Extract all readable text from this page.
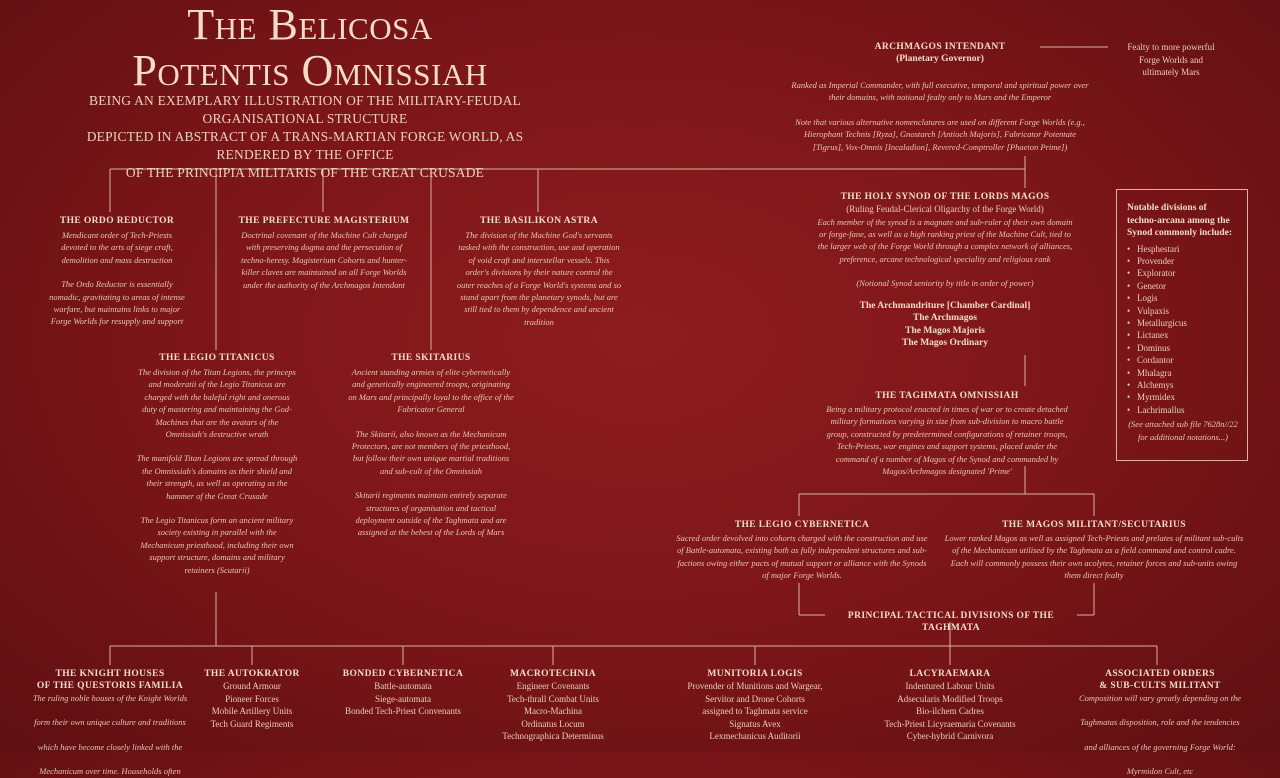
The Belicosa
Potentis Omnissiah
BEING AN EXEMPLARY ILLUSTRATION OF THE MILITARY-FEUDAL ORGANISATIONAL STRUCTURE
DEPICTED IN ABSTRACT OF A TRANS-MARTIAN FORGE WORLD, AS RENDERED BY THE OFFICE
OF THE PRINCIPIA MILITARIS OF THE GREAT CRUSADE
ARCHMAGOS INTENDANT
(Planetary Governor)

Ranked as Imperial Commander, with full executive, temporal and spiritual power over their domains, with notional fealty only to Mars and the Emperor

Note that various alternative nomenclatures are used on different Forge Worlds (e.g., Hierophant Technis [Ryza], Gnostarch [Antioch Majoris], Fabricator Potentate [Tigrus], Vox-Omnis [Incaladion], Revered-Comptroller [Phaeton Prime])

Fealty to more powerful
Forge Worlds and
ultimately Mars
THE ORDO REDUCTOR

Mendicant order of Tech-Priests devoted to the arts of siege craft, demolition and mass destruction

The Ordo Reductor is essentially nomadic, gravitating to areas of intense warfare, but maintains links to major Forge Worlds for resupply and support

THE PREFECTURE MAGISTERIUM

Doctrinal covenant of the Machine Cult charged with preserving dogma and the persecution of techno-heresy. Magisterium Cohorts and hunter-killer claves are maintained on all Forge Worlds under the authority of the Archmagos Intendant

THE BASILIKON ASTRA

The division of the Machine God's servants tasked with the construction, use and operation of void craft and interstellar vessels. This order's divisions by their nature control the outer reaches of a Forge World's systems and so stand apart from the planetary synods, but are still tied to them by dependence and ancient tradition

THE LEGIO TITANICUS

The division of the Titan Legions, the princeps and moderatii of the Legio Titanicus are charged with the baleful right and onerous duty of mastering and maintaining the God-Machines that are the avatars of the Omnissiah's destructive wrath

The manifold Titan Legions are spread through the Omnissiah's domains as their shield and their strength, as well as operating as the hammer of the Great Crusade

The Legio Titanicus form an ancient military society existing in parallel with the Mechanicum priesthood, including their own support structure, domains and military retainers (Scutarii)

THE SKITARIUS

Ancient standing armies of elite cybernetically and genetically engineered troops, originating on Mars and principally loyal to the office of the Fabricator General

The Skitarii, also known as the Mechanicum Protectors, are not members of the priesthood, but follow their own unique martial traditions and sub-cult of the Omnissiah

Skitarii regiments maintain entirely separate structures of organisation and tactical deployment outside of the Taghmata and are assigned at the behest of the Lords of Mars

THE HOLY SYNOD OF THE LORDS MAGOS
(Ruling Feudal-Clerical Oligarchy of the Forge World)

Each member of the synod is a magnate and sub-ruler of their own domain or forge-fane, as well as a high ranking priest of the Machine Cult, tied to the larger web of the Forge World through a complex network of alliances, preference, arcane technological speciality and religious rank

(Notional Synod seniority by title in order of power)

The Archmandriture [Chamber Cardinal]
The Archmagos
The Magos Majoris
The Magos Ordinary
THE TAGHMATA OMNISSIAH

Being a military protocol enacted in times of war or to create detached military formations varying in size from sub-division to macro battle group, constructed by predetermined configurations of retainer troops, Tech-Priests, war engines and support systems, placed under the command of a number of Magos of the Synod and commanded by Magos/Archmagos designated 'Prime'

THE LEGIO CYBERNETICA

Sacred order devolved into cohorts charged with the construction and use of Battle-automata, existing both as fully independent structures and sub-factions owing either pacts of mutual support or alliance with the Synods of major Forge Worlds.

THE MAGOS MILITANT/SECUTARIUS

Lower ranked Magos as well as assigned Tech-Priests and prelates of militant sub-cults of the Mechanicum utilised by the Taghmata as a field command and control cadre. Each will commonly possess their own acolytes, retainer forces and sub-units owing them direct fealty

Notable divisions of techno-arcana among the Synod commonly include:
• Hesphestari
• Provender
• Explorator
• Genetor
• Logis
• Vulpaxis
• Metallurgicus
• Lictanex
• Dominus
• Cordantor
• Mhalagra
• Alchemys
• Myrmidex
• Lachrimallus
(See attached sub file 7628n//22 for additional notations...)
PRINCIPAL TACTICAL DIVISIONS OF THE TAGHMATA
THE KNIGHT HOUSES
OF THE QUESTORIS FAMILIA
The ruling noble houses of the Knight Worlds
form their own unique culture and traditions
which have become closely linked with the
Mechanicum over time. Households often
THE AUTOKRATOR
Ground Armour
Pioneer Forces
Mobile Artillery Units
Tech Guard Regiments
BONDED CYBERNETICA
Battle-automata
Siege-automata
Bonded Tech-Priest Convenants
MACROTECHNIA
Engineer Covenants
Tech-thrall Combat Units
Macro-Machina
Ordinatus Locum
Technographica Determinus
MUNITORIA LOGIS
Provender of Munitions and Wargear,
Servitor and Drone Cohorts
assigned to Taghmata service
Signatus Avex
Lexmechanicus Auditorii
LACYRAEMARA
Indentured Labour Units
Adsecularis Modified Troops
Bio-ilchem Cadres
Tech-Priest Licyraemaria Covenants
Cyber-hybrid Carnivora
ASSOCIATED ORDERS
& SUB-CULTS MILITANT
Composition will vary greatly depending on the
Taghmatas disposition, role and the tendencies
and alliances of the governing Forge World:
Myrmidon Cult, etc
